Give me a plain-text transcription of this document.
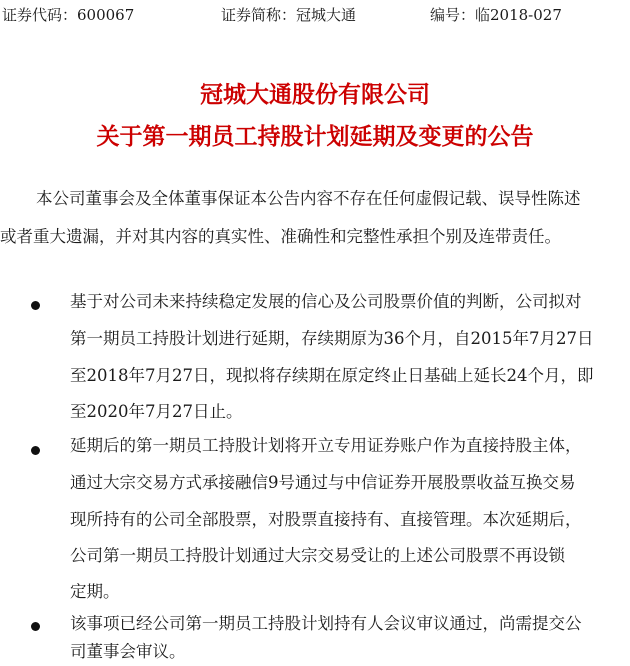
证券代码：600067	证券简称：冠城大通	编号：临2018-027
冠城大通股份有限公司
关于第一期员工持股计划延期及变更的公告
本公司董事会及全体董事保证本公告内容不存在任何虚假记载、误导性陈述
或者重大遗漏，并对其内容的真实性、准确性和完整性承担个别及连带责任。
基于对公司未来持续稳定发展的信心及公司股票价值的判断，公司拟对
第一期员工持股计划进行延期，存续期原为36个月，自2015年7月27日
至2018年7月27日，现拟将存续期在原定终止日基础上延长24个月，即
至2020年7月27日止。
延期后的第一期员工持股计划将开立专用证券账户作为直接持股主体，
通过大宗交易方式承接融信9号通过与中信证券开展股票收益互换交易
现所持有的公司全部股票，对股票直接持有、直接管理。本次延期后，
公司第一期员工持股计划通过大宗交易受让的上述公司股票不再设锁
定期。
该事项已经公司第一期员工持股计划持有人会议审议通过，尚需提交公
司董事会审议。
